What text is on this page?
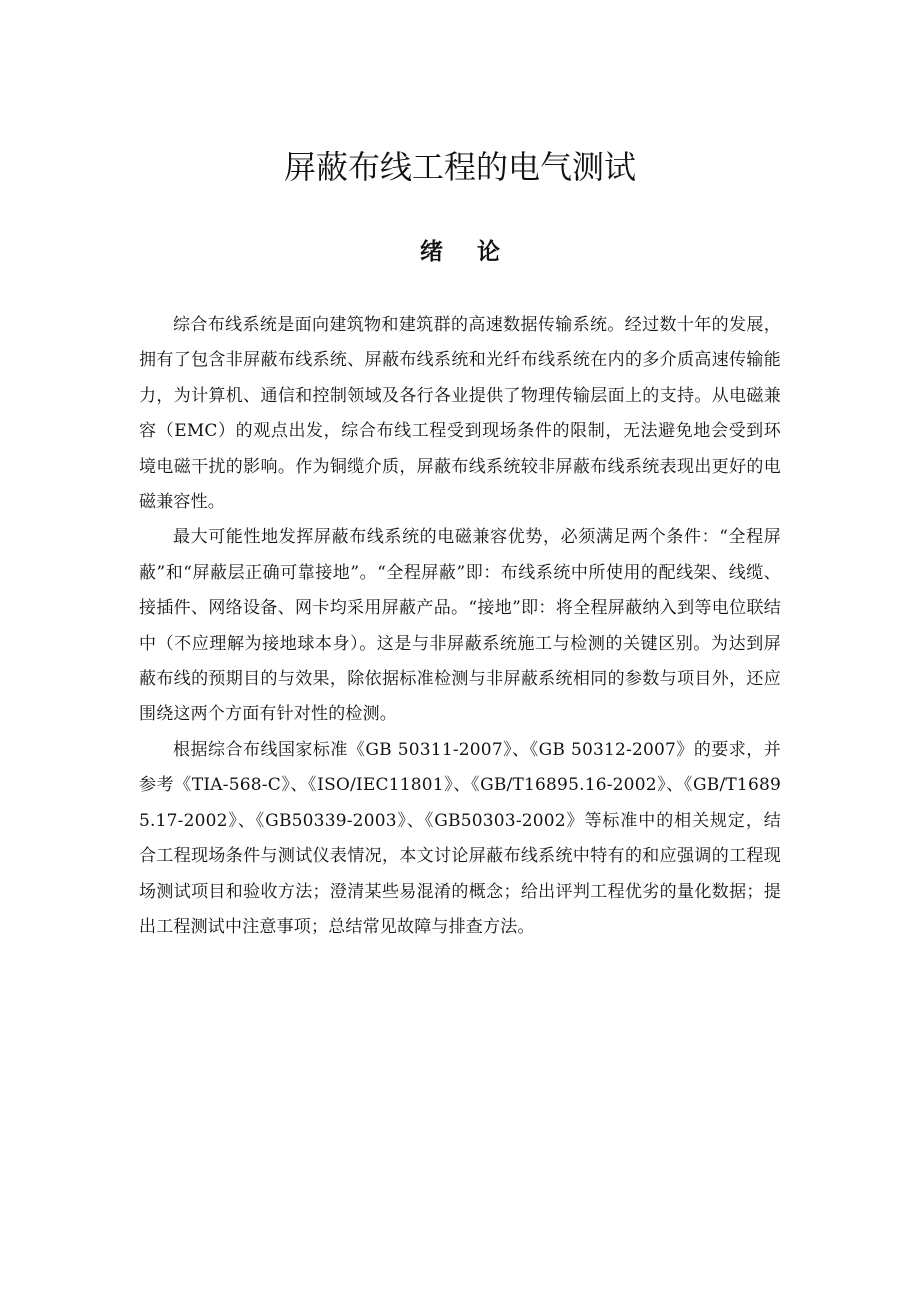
屏蔽布线工程的电气测试
绪 论

综合布线系统是面向建筑物和建筑群的高速数据传输系统。经过数十年的发展，拥有了包含非屏蔽布线系统、屏蔽布线系统和光纤布线系统在内的多介质高速传输能力，为计算机、通信和控制领域及各行各业提供了物理传输层面上的支持。从电磁兼容（EMC）的观点出发，综合布线工程受到现场条件的限制，无法避免地会受到环境电磁干扰的影响。作为铜缆介质，屏蔽布线系统较非屏蔽布线系统表现出更好的电磁兼容性。

最大可能性地发挥屏蔽布线系统的电磁兼容优势，必须满足两个条件：“全程屏蔽”和“屏蔽层正确可靠接地”。“全程屏蔽”即：布线系统中所使用的配线架、线缆、接插件、网络设备、网卡均采用屏蔽产品。“接地”即：将全程屏蔽纳入到等电位联结中（不应理解为接地球本身）。这是与非屏蔽系统施工与检测的关键区别。为达到屏蔽布线的预期目的与效果，除依据标准检测与非屏蔽系统相同的参数与项目外，还应围绕这两个方面有针对性的检测。

根据综合布线国家标准《GB 50311-2007》、《GB 50312-2007》的要求，并参考《TIA-568-C》、《ISO/IEC11801》、《GB/T16895.16-2002》、《GB/T16895.17-2002》、《GB50339-2003》、《GB50303-2002》等标准中的相关规定，结合工程现场条件与测试仪表情况，本文讨论屏蔽布线系统中特有的和应强调的工程现场测试项目和验收方法；澄清某些易混淆的概念；给出评判工程优劣的量化数据；提出工程测试中注意事项；总结常见故障与排查方法。
